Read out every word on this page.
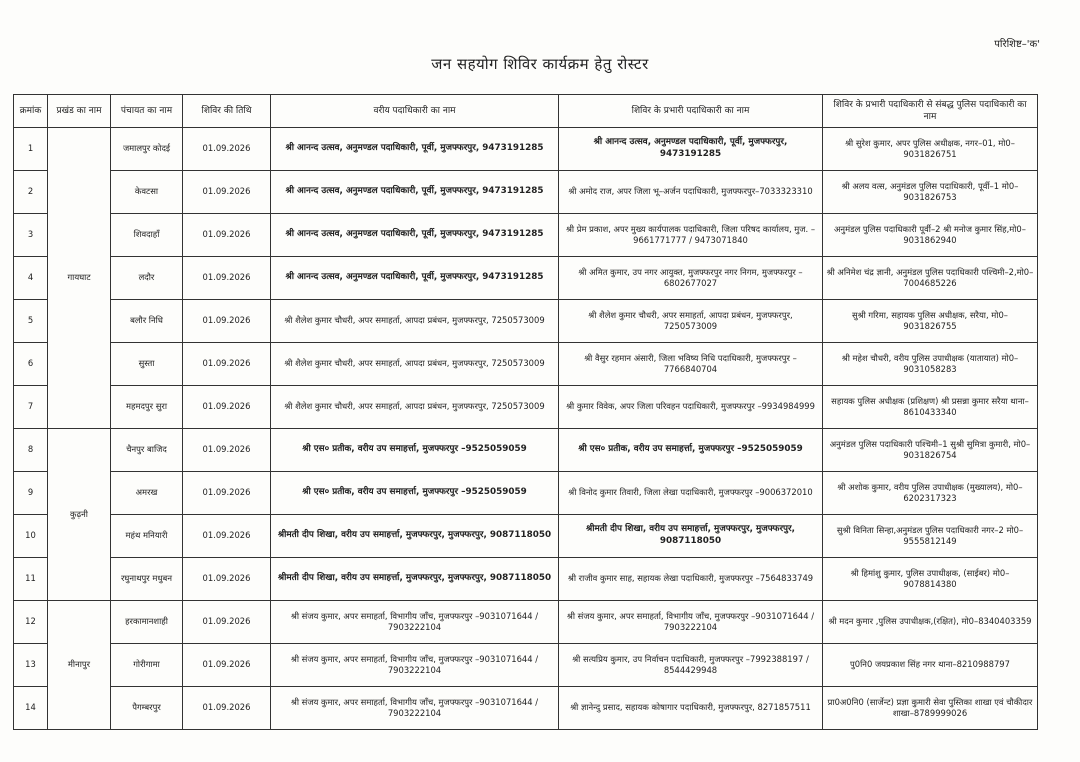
परिशिष्ट–'क'
जन सहयोग शिविर कार्यक्रम हेतु रोस्टर
क्रमांक	प्रखंड का नाम	पंचायत का नाम	शिविर की तिथि	वरीय पदाधिकारी का नाम	शिविर के प्रभारी पदाधिकारी का नाम	शिविर के प्रभारी पदाधिकारी से संबद्ध पुलिस पदाधिकारी का नाम
1	गायघाट	जमालपुर कोदई	01.09.2026	श्री आनन्द उत्सव, अनुमण्डल पदाधिकारी, पूर्वी, मुजफ्फरपुर, 9473191285	श्री आनन्द उत्सव, अनुमण्डल पदाधिकारी, पूर्वी, मुजफ्फरपुर, 9473191285	श्री सुरेश कुमार, अपर पुलिस अधीक्षक, नगर–01, मो0–9031826751
2		केवटसा	01.09.2026	श्री आनन्द उत्सव, अनुमण्डल पदाधिकारी, पूर्वी, मुजफ्फरपुर, 9473191285	श्री अमोद राज, अपर जिला भू–अर्जन पदाधिकारी, मुजफ्फरपुर–7033323310	श्री अलय वत्स, अनुमंडल पुलिस पदाधिकारी, पूर्वी–1 मो0–9031826753
3		शिवदाहाँ	01.09.2026	श्री आनन्द उत्सव, अनुमण्डल पदाधिकारी, पूर्वी, मुजफ्फरपुर, 9473191285	श्री प्रेम प्रकाश, अपर मुख्य कार्यपालक पदाधिकारी, जिला परिषद कार्यालय, मुज. –9661771777 / 9473071840	अनुमंडल पुलिस पदाधिकारी पूर्वी–2 श्री मनोज कुमार सिंह,मो0–9031862940
4		लदौर	01.09.2026	श्री आनन्द उत्सव, अनुमण्डल पदाधिकारी, पूर्वी, मुजफ्फरपुर, 9473191285	श्री अमित कुमार, उप नगर आयुक्त, मुजफ्फरपुर नगर निगम, मुजफ्फरपुर –6802677027	श्री अनिमेश चंद्र ज्ञानी, अनुमंडल पुलिस पदाधिकारी पश्चिमी–2,मो0–7004685226
5		बलौर निधि	01.09.2026	श्री शैलेश कुमार चौधरी, अपर समाहर्ता, आपदा प्रबंधन, मुजफ्फरपुर, 7250573009	श्री शैलेश कुमार चौधरी, अपर समाहर्ता, आपदा प्रबंधन, मुजफ्फरपुर, 7250573009	सुश्री गरिमा, सहायक पुलिस अधीक्षक, सरैया, मो0–9031826755
6		सुस्ता	01.09.2026	श्री शैलेश कुमार चौधरी, अपर समाहर्ता, आपदा प्रबंधन, मुजफ्फरपुर, 7250573009	श्री वैसुर रहमान अंसारी, जिला भविष्य निधि पदाधिकारी, मुजफ्फरपुर –7766840704	श्री महेश चौधरी, वरीय पुलिस उपाधीक्षक (यातायात) मो0–9031058283
7		महमदपुर सुरा	01.09.2026	श्री शैलेश कुमार चौधरी, अपर समाहर्ता, आपदा प्रबंधन, मुजफ्फरपुर, 7250573009	श्री कुमार विवेक, अपर जिला परिवहन पदाधिकारी, मुजफ्फरपुर –9934984999	सहायक पुलिस अधीक्षक (प्रशिक्षण) श्री प्रसन्ना कुमार सरैया थाना–8610433340
8	कुढ़नी	चैनपुर बाजिद	01.09.2026	श्री एस० प्रतीक, वरीय उप समाहर्त्ता, मुजफ्फरपुर –9525059059	श्री एस० प्रतीक, वरीय उप समाहर्त्ता, मुजफ्फरपुर –9525059059	अनुमंडल पुलिस पदाधिकारी पश्चिमी–1 सुश्री सुमित्रा कुमारी, मो0–9031826754
9		अमरख	01.09.2026	श्री एस० प्रतीक, वरीय उप समाहर्त्ता, मुजफ्फरपुर –9525059059	श्री विनोद कुमार तिवारी, जिला लेखा पदाधिकारी, मुजफ्फरपुर –9006372010	श्री अशोक कुमार, वरीय पुलिस उपाधीक्षक (मुख्यालय), मो0– 6202317323
10		महंथ मनियारी	01.09.2026	श्रीमती दीप शिखा, वरीय उप समाहर्त्ता, मुजफ्फरपुर, मुजफ्फरपुर, 9087118050	श्रीमती दीप शिखा, वरीय उप समाहर्त्ता, मुजफ्फरपुर, मुजफ्फरपुर, 9087118050	सुश्री विनिता सिन्हा,अनुमंडल पुलिस पदाधिकारी नगर–2 मो0–9555812149
11		रघुनाथपुर मधुबन	01.09.2026	श्रीमती दीप शिखा, वरीय उप समाहर्त्ता, मुजफ्फरपुर, मुजफ्फरपुर, 9087118050	श्री राजीव कुमार साह, सहायक लेखा पदाधिकारी, मुजफ्फरपुर –7564833749	श्री हिमांशु कुमार, पुलिस उपाधीक्षक, (साईबर) मो0–9078814380
12	मीनापुर	हरकामानशाही	01.09.2026	श्री संजय कुमार, अपर समाहर्ता, विभागीय जाँच, मुजफ्फरपुर –9031071644 / 7903222104	श्री संजय कुमार, अपर समाहर्ता, विभागीय जाँच, मुजफ्फरपुर –9031071644 / 7903222104	श्री मदन कुमार ,पुलिस उपाधीक्षक,(रक्षित), मो0–8340403359
13		गोरीगामा	01.09.2026	श्री संजय कुमार, अपर समाहर्ता, विभागीय जाँच, मुजफ्फरपुर –9031071644 / 7903222104	श्री सत्यप्रिय कुमार, उप निर्वाचन पदाधिकारी, मुजफ्फरपुर –7992388197 / 8544429948	पु0नि0 जयप्रकाश सिंह नगर थाना–8210988797
14		पैगम्बरपुर	01.09.2026	श्री संजय कुमार, अपर समाहर्ता, विभागीय जाँच, मुजफ्फरपुर –9031071644 / 7903222104	श्री ज्ञानेन्दु प्रसाद, सहायक कोषागार पदाधिकारी, मुजफ्फरपुर, 8271857511	प्रा0अ0नि0 (सार्जेन्ट) प्रज्ञा कुमारी सेवा पुस्तिका शाखा एवं चौकीदार शाखा–8789999026
